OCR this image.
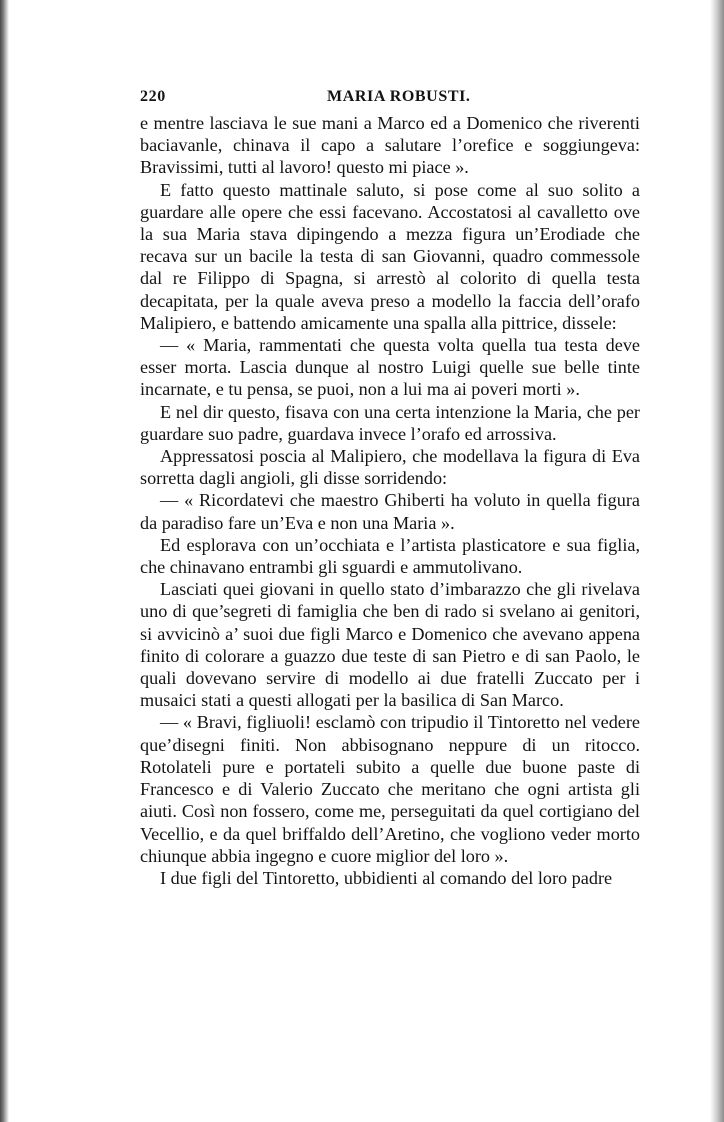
220	MARIA ROBUSTI.

e mentre lasciava le sue mani a Marco ed a Domenico che riverenti baciavanle, chinava il capo a salutare l’orefice e soggiungeva: Bravissimi, tutti al lavoro! questo mi piace ».

E fatto questo mattinale saluto, si pose come al suo solito a guardare alle opere che essi facevano. Accostatosi al cavalletto ove la sua Maria stava dipingendo a mezza figura un’Erodiade che recava sur un bacile la testa di san Giovanni, quadro commessole dal re Filippo di Spagna, si arrestò al colorito di quella testa decapitata, per la quale aveva preso a modello la faccia dell’orafo Malipiero, e battendo amicamente una spalla alla pittrice, dissele:

— « Maria, rammentati che questa volta quella tua testa deve esser morta. Lascia dunque al nostro Luigi quelle sue belle tinte incarnate, e tu pensa, se puoi, non a lui ma ai poveri morti ».

E nel dir questo, fisava con una certa intenzione la Maria, che per guardare suo padre, guardava invece l’orafo ed arrossiva.

Appressatosi poscia al Malipiero, che modellava la figura di Eva sorretta dagli angioli, gli disse sorridendo:

— « Ricordatevi che maestro Ghiberti ha voluto in quella figura da paradiso fare un’Eva e non una Maria ».

Ed esplorava con un’occhiata e l’artista plasticatore e sua figlia, che chinavano entrambi gli sguardi e ammutolivano.

Lasciati quei giovani in quello stato d’imbarazzo che gli rivelava uno di que’segreti di famiglia che ben di rado si svelano ai genitori, si avvicinò a’ suoi due figli Marco e Domenico che avevano appena finito di colorare a guazzo due teste di san Pietro e di san Paolo, le quali dovevano servire di modello ai due fratelli Zuccato per i musaici stati a questi allogati per la basilica di San Marco.

— « Bravi, figliuoli! esclamò con tripudio il Tintoretto nel vedere que’disegni finiti. Non abbisognano neppure di un ritocco. Rotolateli pure e portateli subito a quelle due buone paste di Francesco e di Valerio Zuccato che meritano che ogni artista gli aiuti. Così non fossero, come me, perseguitati da quel cortigiano del Vecellio, e da quel briffaldo dell’Aretino, che vogliono veder morto chiunque abbia ingegno e cuore miglior del loro ».

I due figli del Tintoretto, ubbidienti al comando del loro padre
